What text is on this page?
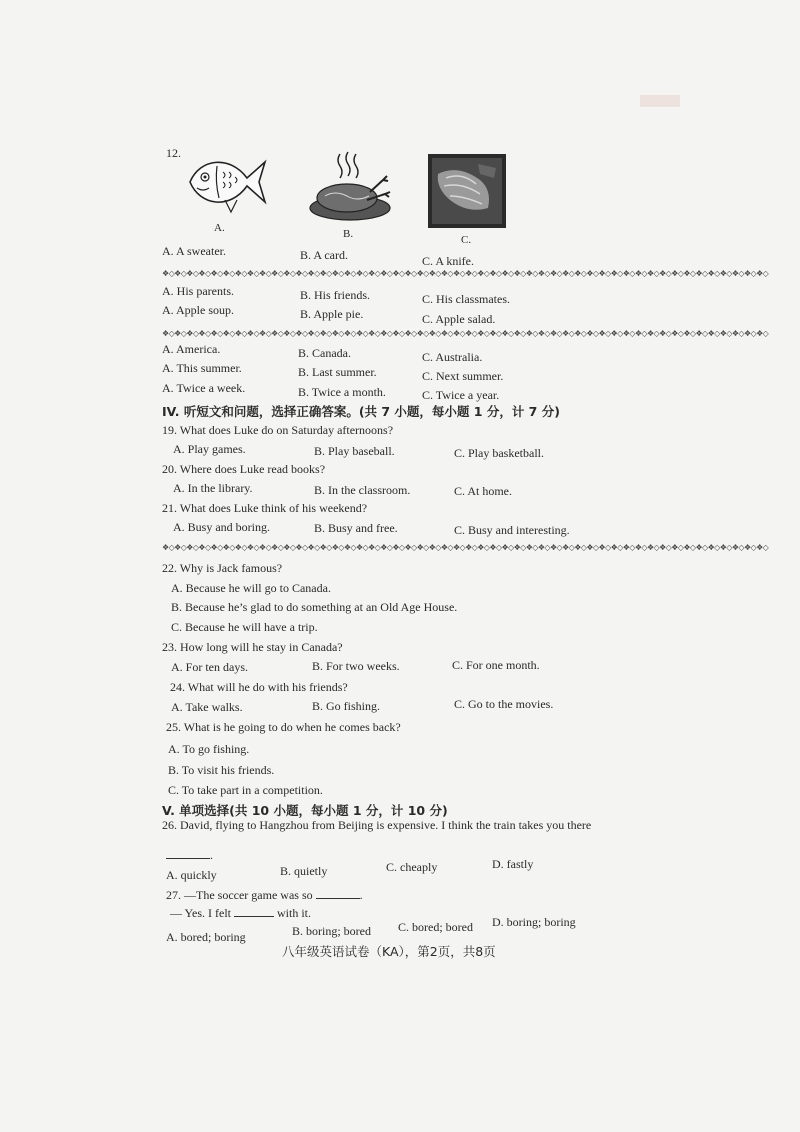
12.
A.	B.	C.
A. A sweater.	B. A card.	C. A knife.
❖◇❖◇❖◇❖◇❖◇❖◇❖◇❖◇❖◇❖◇❖◇❖◇❖◇❖◇❖◇❖◇❖◇❖◇❖◇❖◇❖◇❖◇❖◇❖◇❖◇❖◇❖◇❖◇❖◇❖◇❖◇❖◇❖◇❖◇❖◇❖◇❖◇❖◇❖◇❖◇❖◇❖◇❖◇❖◇❖◇❖◇❖◇❖◇❖◇❖◇
A. His parents.	B. His friends.	C. His classmates.
A. Apple soup.	B. Apple pie.	C. Apple salad.
❖◇❖◇❖◇❖◇❖◇❖◇❖◇❖◇❖◇❖◇❖◇❖◇❖◇❖◇❖◇❖◇❖◇❖◇❖◇❖◇❖◇❖◇❖◇❖◇❖◇❖◇❖◇❖◇❖◇❖◇❖◇❖◇❖◇❖◇❖◇❖◇❖◇❖◇❖◇❖◇❖◇❖◇❖◇❖◇❖◇❖◇❖◇❖◇❖◇❖◇
A. America.	B. Canada.	C. Australia.
A. This summer.	B. Last summer.	C. Next summer.
A. Twice a week.	B. Twice a month.	C. Twice a year.
IV. 听短文和问题，选择正确答案。(共 7 小题，每小题 1 分，计 7 分)
19. What does Luke do on Saturday afternoons?
A. Play games.	B. Play baseball.	C. Play basketball.
20. Where does Luke read books?
A. In the library.	B. In the classroom.	C. At home.
21. What does Luke think of his weekend?
A. Busy and boring.	B. Busy and free.	C. Busy and interesting.
❖◇❖◇❖◇❖◇❖◇❖◇❖◇❖◇❖◇❖◇❖◇❖◇❖◇❖◇❖◇❖◇❖◇❖◇❖◇❖◇❖◇❖◇❖◇❖◇❖◇❖◇❖◇❖◇❖◇❖◇❖◇❖◇❖◇❖◇❖◇❖◇❖◇❖◇❖◇❖◇❖◇❖◇❖◇❖◇❖◇❖◇❖◇❖◇❖◇❖◇
22. Why is Jack famous?
A. Because he will go to Canada.
B. Because he’s glad to do something at an Old Age House.
C. Because he will have a trip.
23. How long will he stay in Canada?
A. For ten days.	B. For two weeks.	C. For one month.
24. What will he do with his friends?
A. Take walks.	B. Go fishing.	C. Go to the movies.
25. What is he going to do when he comes back?
A. To go fishing.
B. To visit his friends.
C. To take part in a competition.
V. 单项选择(共 10 小题，每小题 1 分，计 10 分)
26. David, flying to Hangzhou from Beijing is expensive. I think the train takes you there
.
A. quickly	B. quietly	C. cheaply	D. fastly
27. —The soccer game was so	.
— Yes. I felt	with it.
A. bored; boring	B. boring; bored C. bored; bored D. boring; boring
八年级英语试卷（KA），第2页，共8页
